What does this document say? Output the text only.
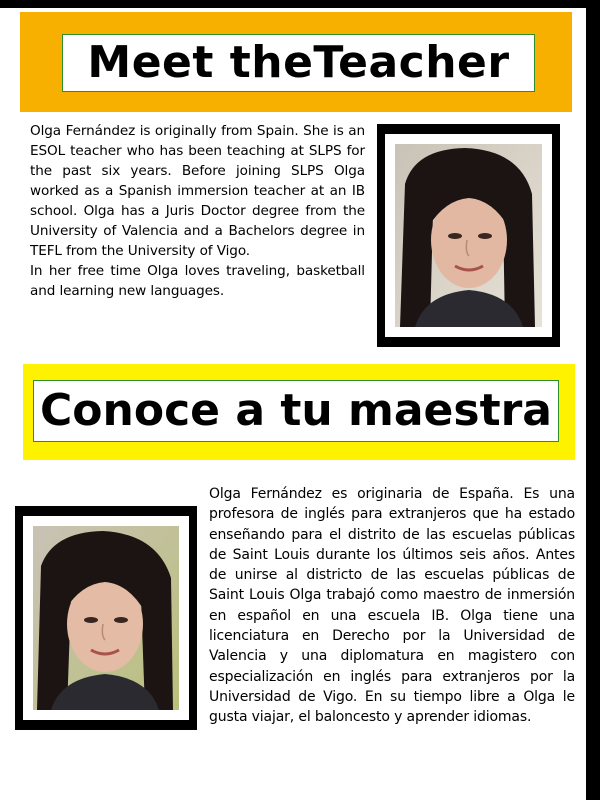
Meet theTeacher

Olga Fernández is originally from Spain. She is an ESOL teacher who has been teaching at SLPS for the past six years. Before joining SLPS Olga worked as a Spanish immersion teacher at an IB school. Olga has a Juris Doctor degree from the University of Valencia and a Bachelors degree in TEFL from the University of Vigo.

In her free time Olga loves traveling, basketball and learning new languages.

Conoce a tu maestra

Olga Fernández es originaria de España. Es una profesora de inglés para extranjeros que ha estado enseñando para el distrito de las escuelas públicas de Saint Louis durante los últimos seis años. Antes de unirse al districto de las escuelas públicas de Saint Louis Olga trabajó como maestro de inmersión en español en una escuela IB. Olga tiene una licenciatura en Derecho por la Universidad de Valencia y una diplomatura en magistero con especialización en inglés para extranjeros por la Universidad de Vigo. En su tiempo libre a Olga le gusta viajar, el baloncesto y aprender idiomas.
